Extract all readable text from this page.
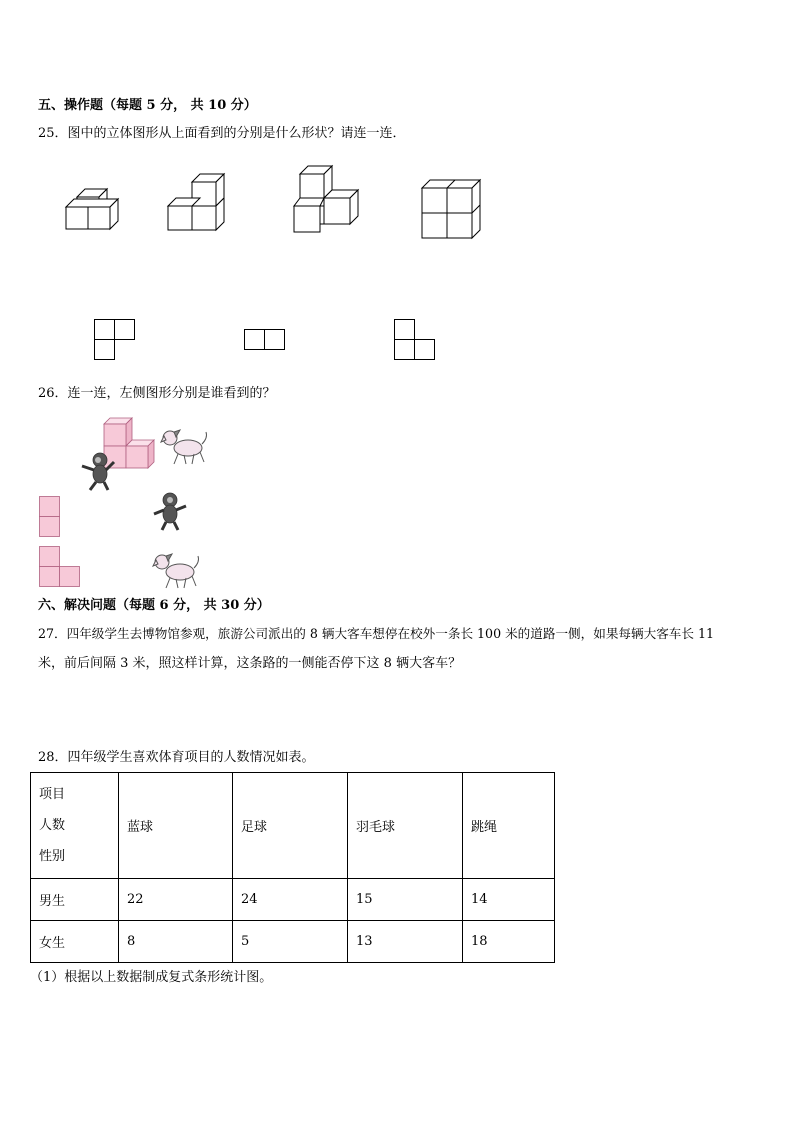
五、操作题（每题 5 分， 共 10 分）
25．图中的立体图形从上面看到的分别是什么形状？请连一连．
26．连一连，左侧图形分别是谁看到的？
六、解决问题（每题 6 分， 共 30 分）
27．四年级学生去博物馆参观，旅游公司派出的 8 辆大客车想停在校外一条长 100 米的道路一侧，如果每辆大客车长 11
米，前后间隔 3 米，照这样计算，这条路的一侧能否停下这 8 辆大客车？
28．四年级学生喜欢体育项目的人数情况如表。
项目
人数
性别	蓝球	足球	羽毛球	跳绳
男生	22	24	15	14
女生	8	5	13	18
（1）根据以上数据制成复式条形统计图。
